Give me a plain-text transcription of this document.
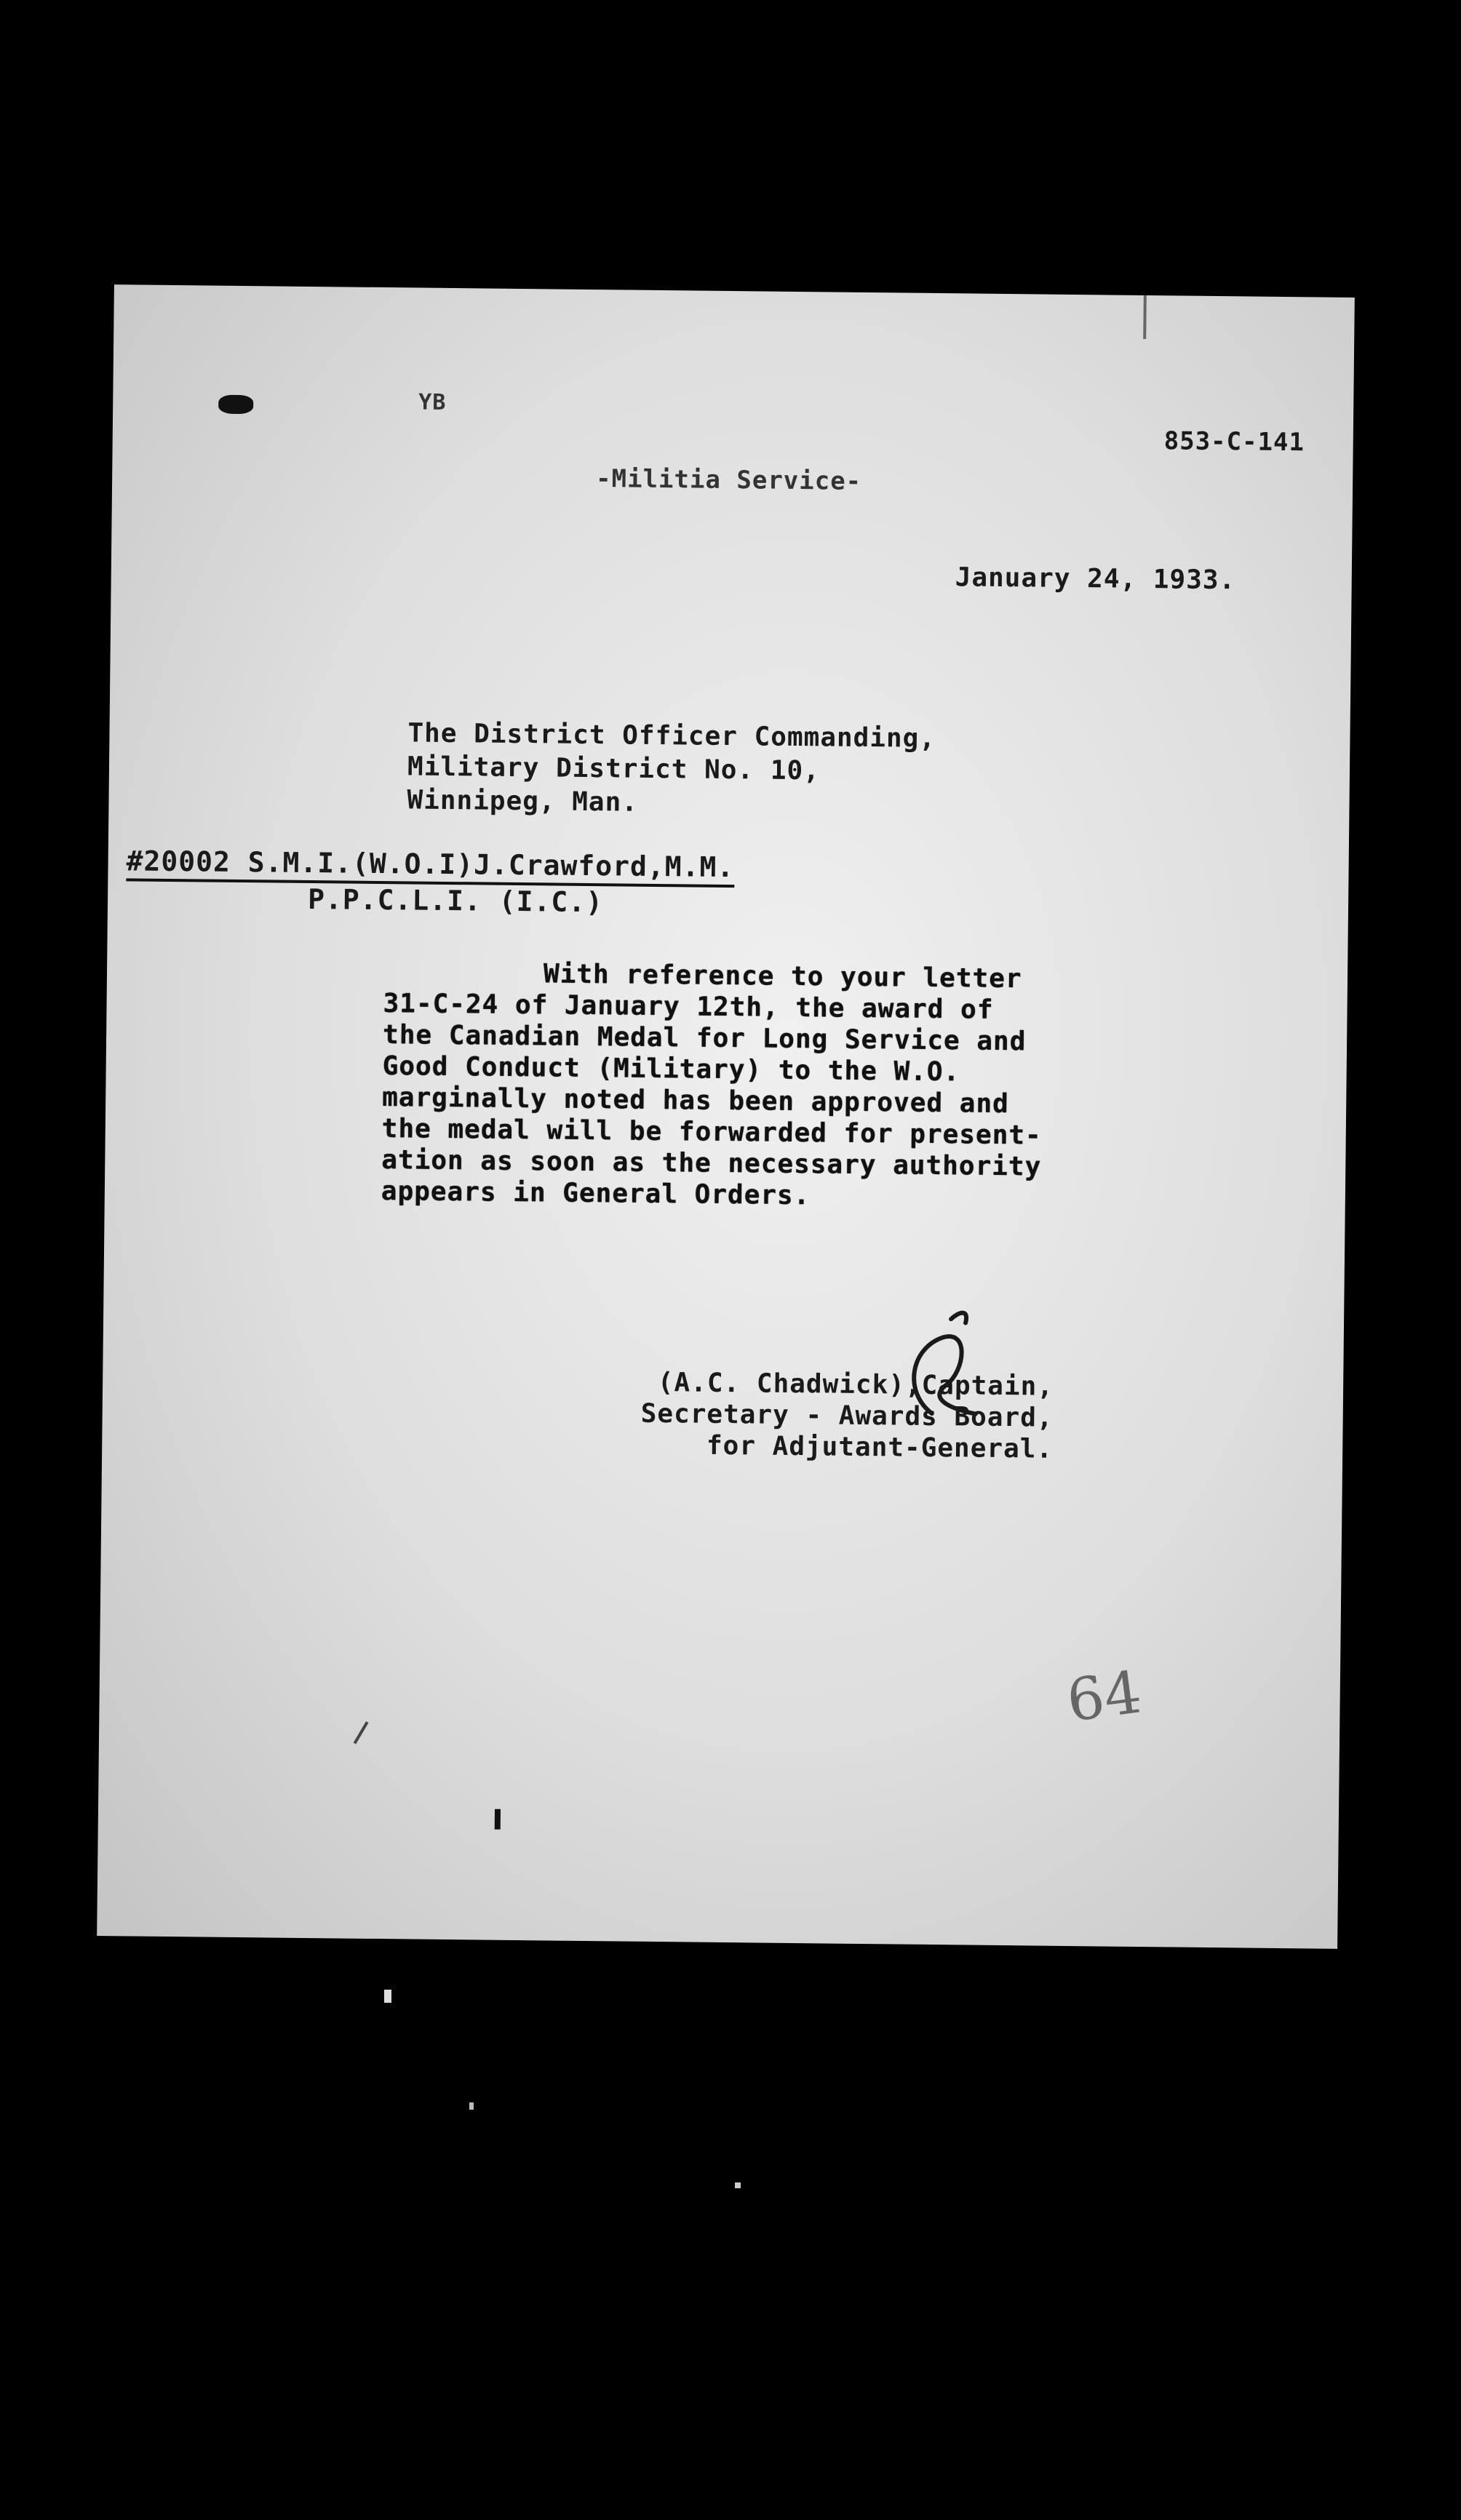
YB
853-C-141
-Militia Service-
January 24, 1933.
The District Officer Commanding,
Military District No. 10,
Winnipeg, Man.
#20002 S.M.I.(W.O.I)J.Crawford,M.M.
P.P.C.L.I. (I.C.)
With reference to your letter
31-C-24 of January 12th, the award of
the Canadian Medal for Long Service and
Good Conduct (Military) to the W.O.
marginally noted has been approved and
the medal will be forwarded for present-
ation as soon as the necessary authority
appears in General Orders.
(A.C. Chadwick),Captain,
Secretary - Awards Board,
for Adjutant-General.
64
